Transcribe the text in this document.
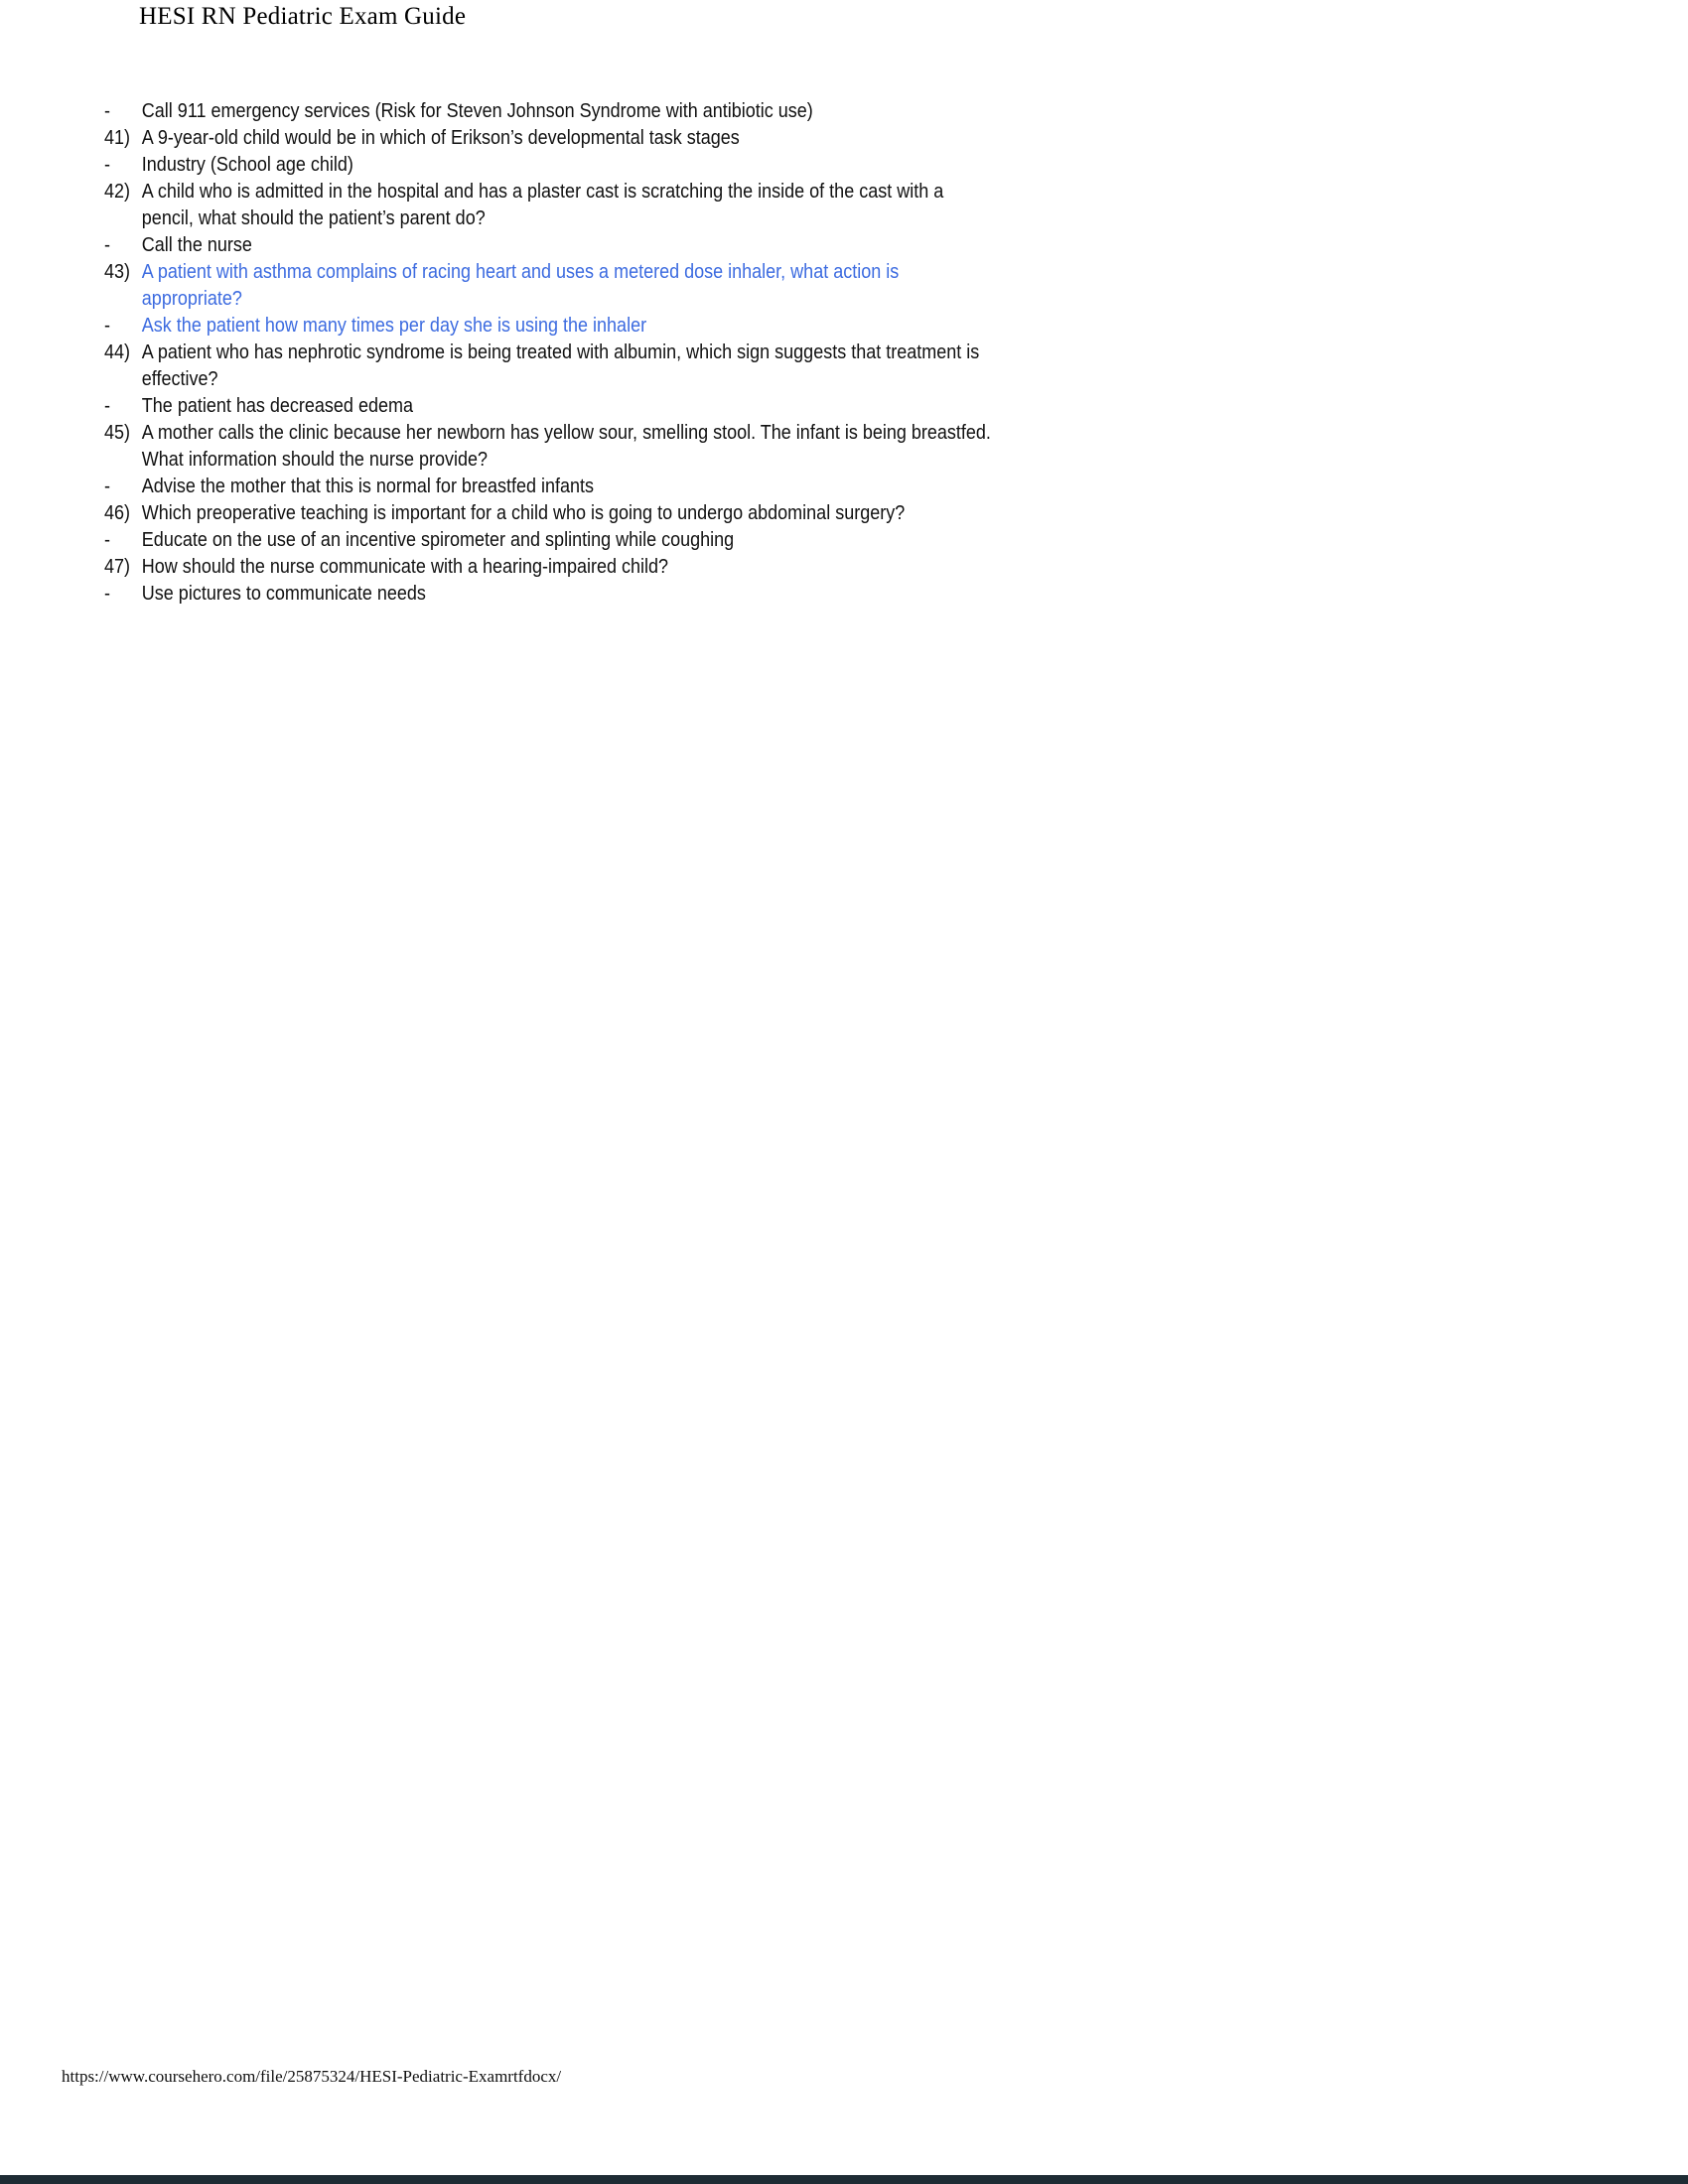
HESI RN Pediatric Exam Guide
-	Call 911 emergency services (Risk for Steven Johnson Syndrome with antibiotic use)
41) A 9-year-old child would be in which of Erikson’s developmental task stages
-	Industry (School age child)
42) A child who is admitted in the hospital and has a plaster cast is scratching the inside of the cast with a pencil, what should the patient’s parent do?
-	Call the nurse
43) A patient with asthma complains of racing heart and uses a metered dose inhaler, what action is appropriate?
-	Ask the patient how many times per day she is using the inhaler
44) A patient who has nephrotic syndrome is being treated with albumin, which sign suggests that treatment is effective?
-	The patient has decreased edema
45) A mother calls the clinic because her newborn has yellow sour, smelling stool. The infant is being breastfed. What information should the nurse provide?
-	Advise the mother that this is normal for breastfed infants
46) Which preoperative teaching is important for a child who is going to undergo abdominal surgery?
-	Educate on the use of an incentive spirometer and splinting while coughing
47) How should the nurse communicate with a hearing-impaired child?
-	Use pictures to communicate needs
https://www.coursehero.com/file/25875324/HESI-Pediatric-Examrtfdocx/
